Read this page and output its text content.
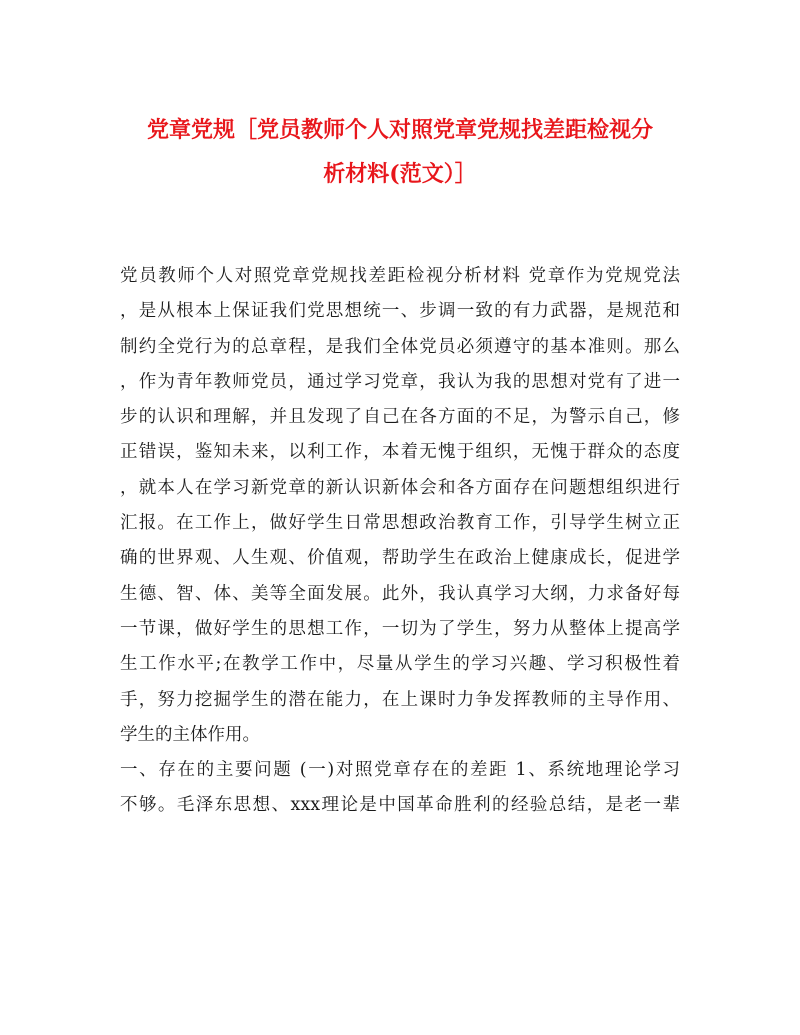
党章党规［党员教师个人对照党章党规找差距检视分
析材料(范文）］
党员教师个人对照党章党规找差距检视分析材料 党章作为党规党法
，是从根本上保证我们党思想统一、步调一致的有力武器，是规范和
制约全党行为的总章程，是我们全体党员必须遵守的基本准则。那么
，作为青年教师党员，通过学习党章，我认为我的思想对党有了进一
步的认识和理解，并且发现了自己在各方面的不足，为警示自己，修
正错误，鉴知未来，以利工作，本着无愧于组织，无愧于群众的态度
，就本人在学习新党章的新认识新体会和各方面存在问题想组织进行
汇报。在工作上，做好学生日常思想政治教育工作，引导学生树立正
确的世界观、人生观、价值观，帮助学生在政治上健康成长，促进学
生德、智、体、美等全面发展。此外，我认真学习大纲，力求备好每
一节课，做好学生的思想工作，一切为了学生，努力从整体上提高学
生工作水平;在教学工作中，尽量从学生的学习兴趣、学习积极性着
手，努力挖掘学生的潜在能力，在上课时力争发挥教师的主导作用、
学生的主体作用。
一、存在的主要问题 (一)对照党章存在的差距 1、系统地理论学习
不够。毛泽东思想、xxx理论是中国革命胜利的经验总结，是老一辈
